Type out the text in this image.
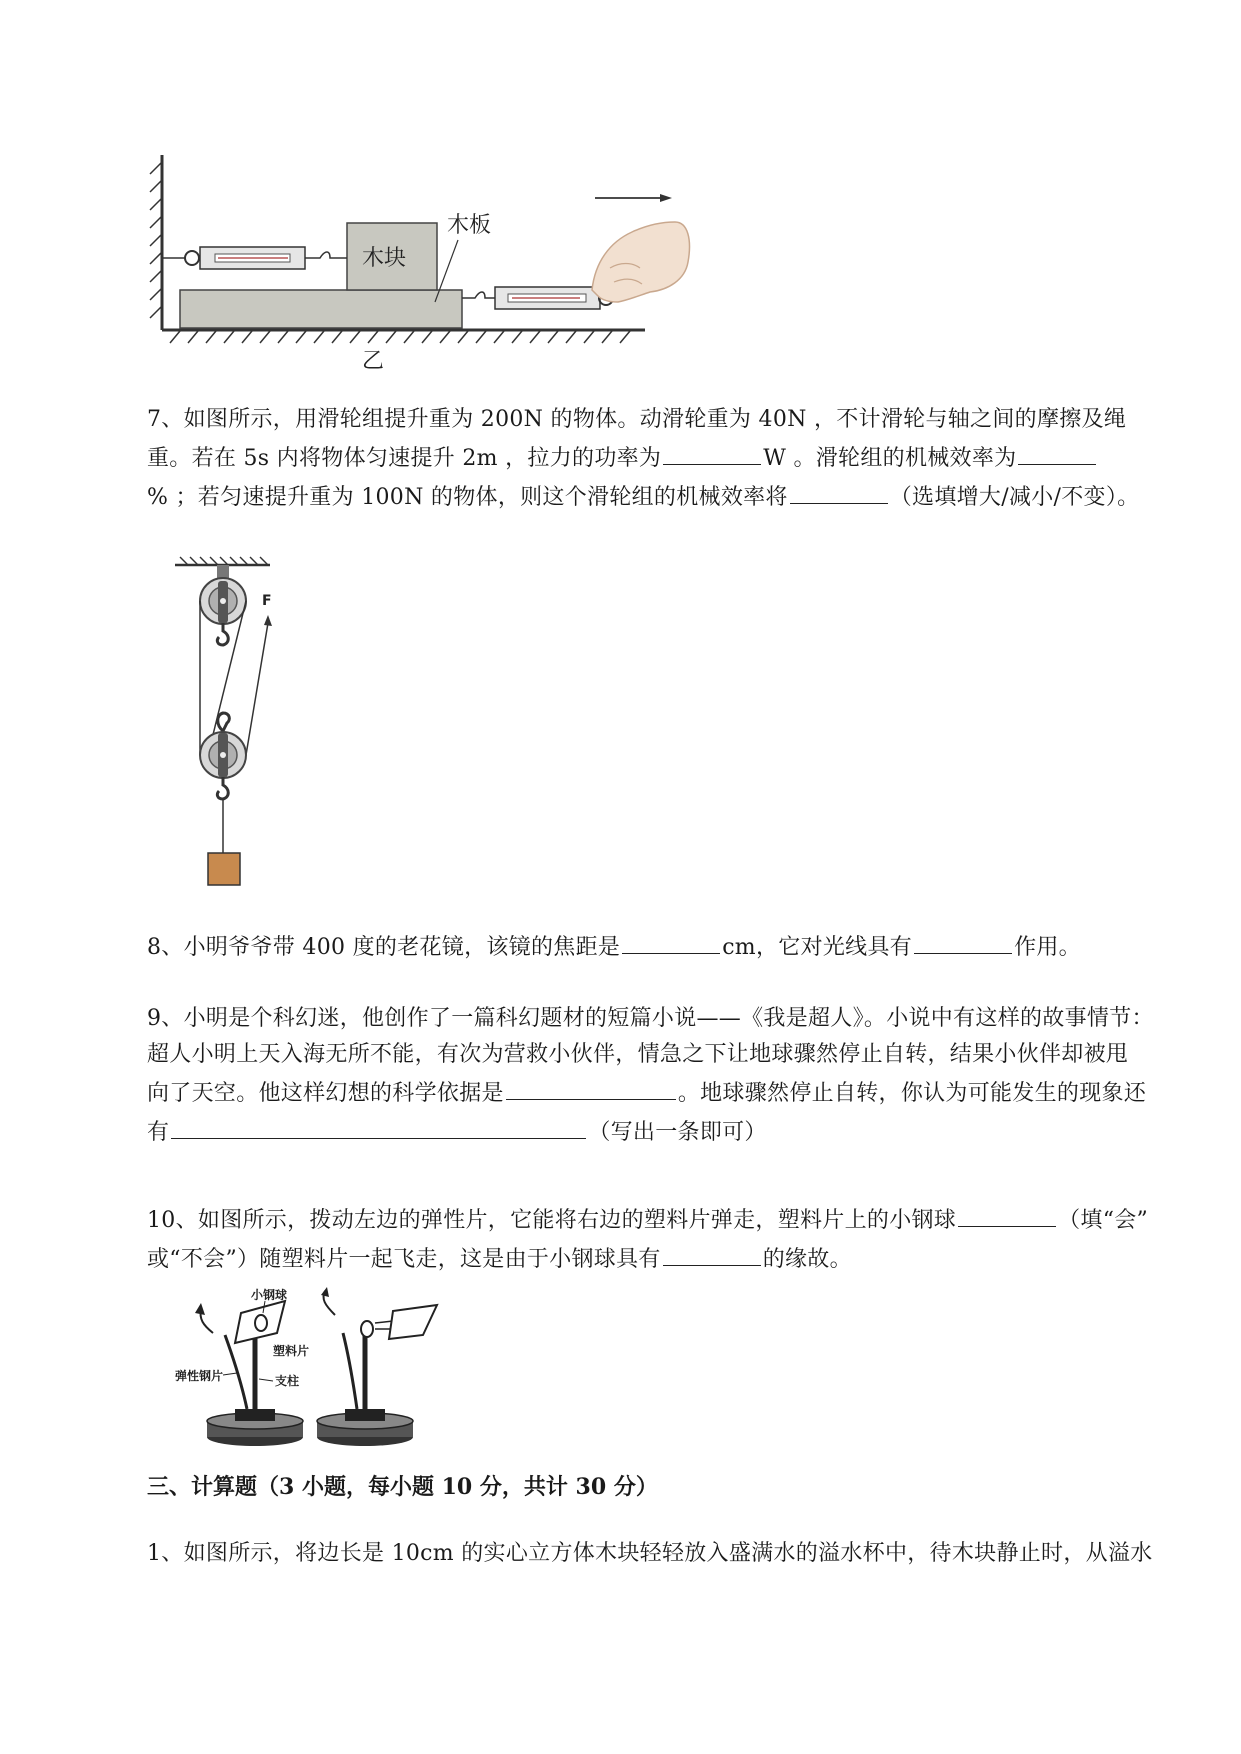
木块
木板
乙
7、如图所示，用滑轮组提升重为 200N 的物体。动滑轮重为 40N ，不计滑轮与轴之间的摩擦及绳
重。若在 5s 内将物体匀速提升 2m ，拉力的功率为	W 。滑轮组的机械效率为
% ；若匀速提升重为 100N 的物体，则这个滑轮组的机械效率将	（选填增大/减小/不变）。
F
8、小明爷爷带 400 度的老花镜，该镜的焦距是	cm，它对光线具有	作用。
9、小明是个科幻迷，他创作了一篇科幻题材的短篇小说——《我是超人》。小说中有这样的故事情节：
超人小明上天入海无所不能，有次为营救小伙伴，情急之下让地球骤然停止自转，结果小伙伴却被甩
向了天空。他这样幻想的科学依据是	。地球骤然停止自转，你认为可能发生的现象还
有	（写出一条即可）
10、如图所示，拨动左边的弹性片，它能将右边的塑料片弹走，塑料片上的小钢球	（填“会”
或“不会”）随塑料片一起飞走，这是由于小钢球具有	的缘故。
小钢球
塑料片
弹性钢片	支柱
三、计算题（3 小题，每小题 10 分，共计 30 分）
1、如图所示，将边长是 10cm 的实心立方体木块轻轻放入盛满水的溢水杯中，待木块静止时，从溢水
